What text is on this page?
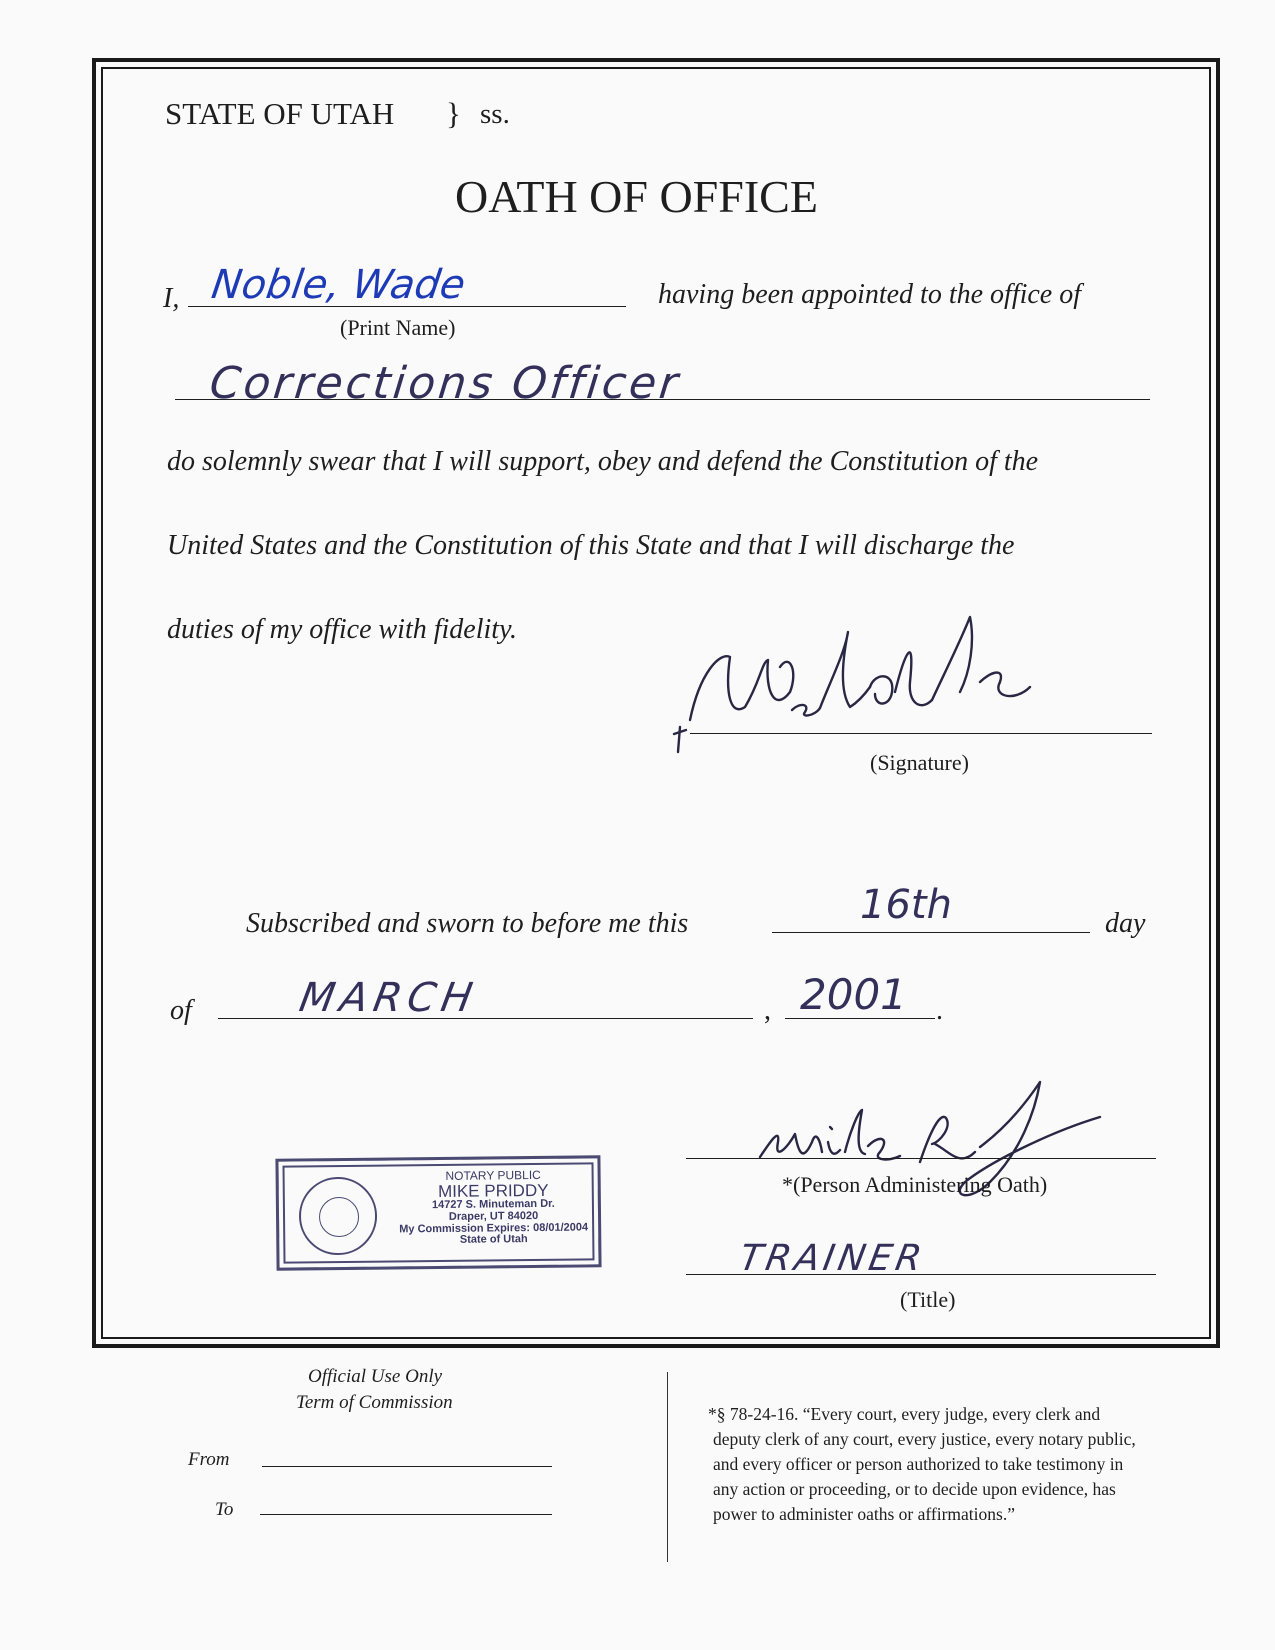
STATE OF UTAH } ss.
OATH OF OFFICE
I, Noble, Wade
(Print Name)
having been appointed to the office of
Corrections Officer
do solemnly swear that I will support, obey and defend the Constitution of the
United States and the Constitution of this State and that I will discharge the
duties of my office with fidelity.
(Signature)
Subscribed and sworn to before me this	16th	day
of	MARCH	, 2001 .
*(Person Administering Oath)
TRAINER
(Title)
NOTARY PUBLIC
MIKE PRIDDY
14727 S. Minuteman Dr.
Draper, UT 84020
My Commission Expires: 08/01/2004
State of Utah
Official Use Only
Term of Commission
From
To
*§ 78-24-16. “Every court, every judge, every clerk and
deputy clerk of any court, every justice, every notary public,
and every officer or person authorized to take testimony in
any action or proceeding, or to decide upon evidence, has
power to administer oaths or affirmations.”
